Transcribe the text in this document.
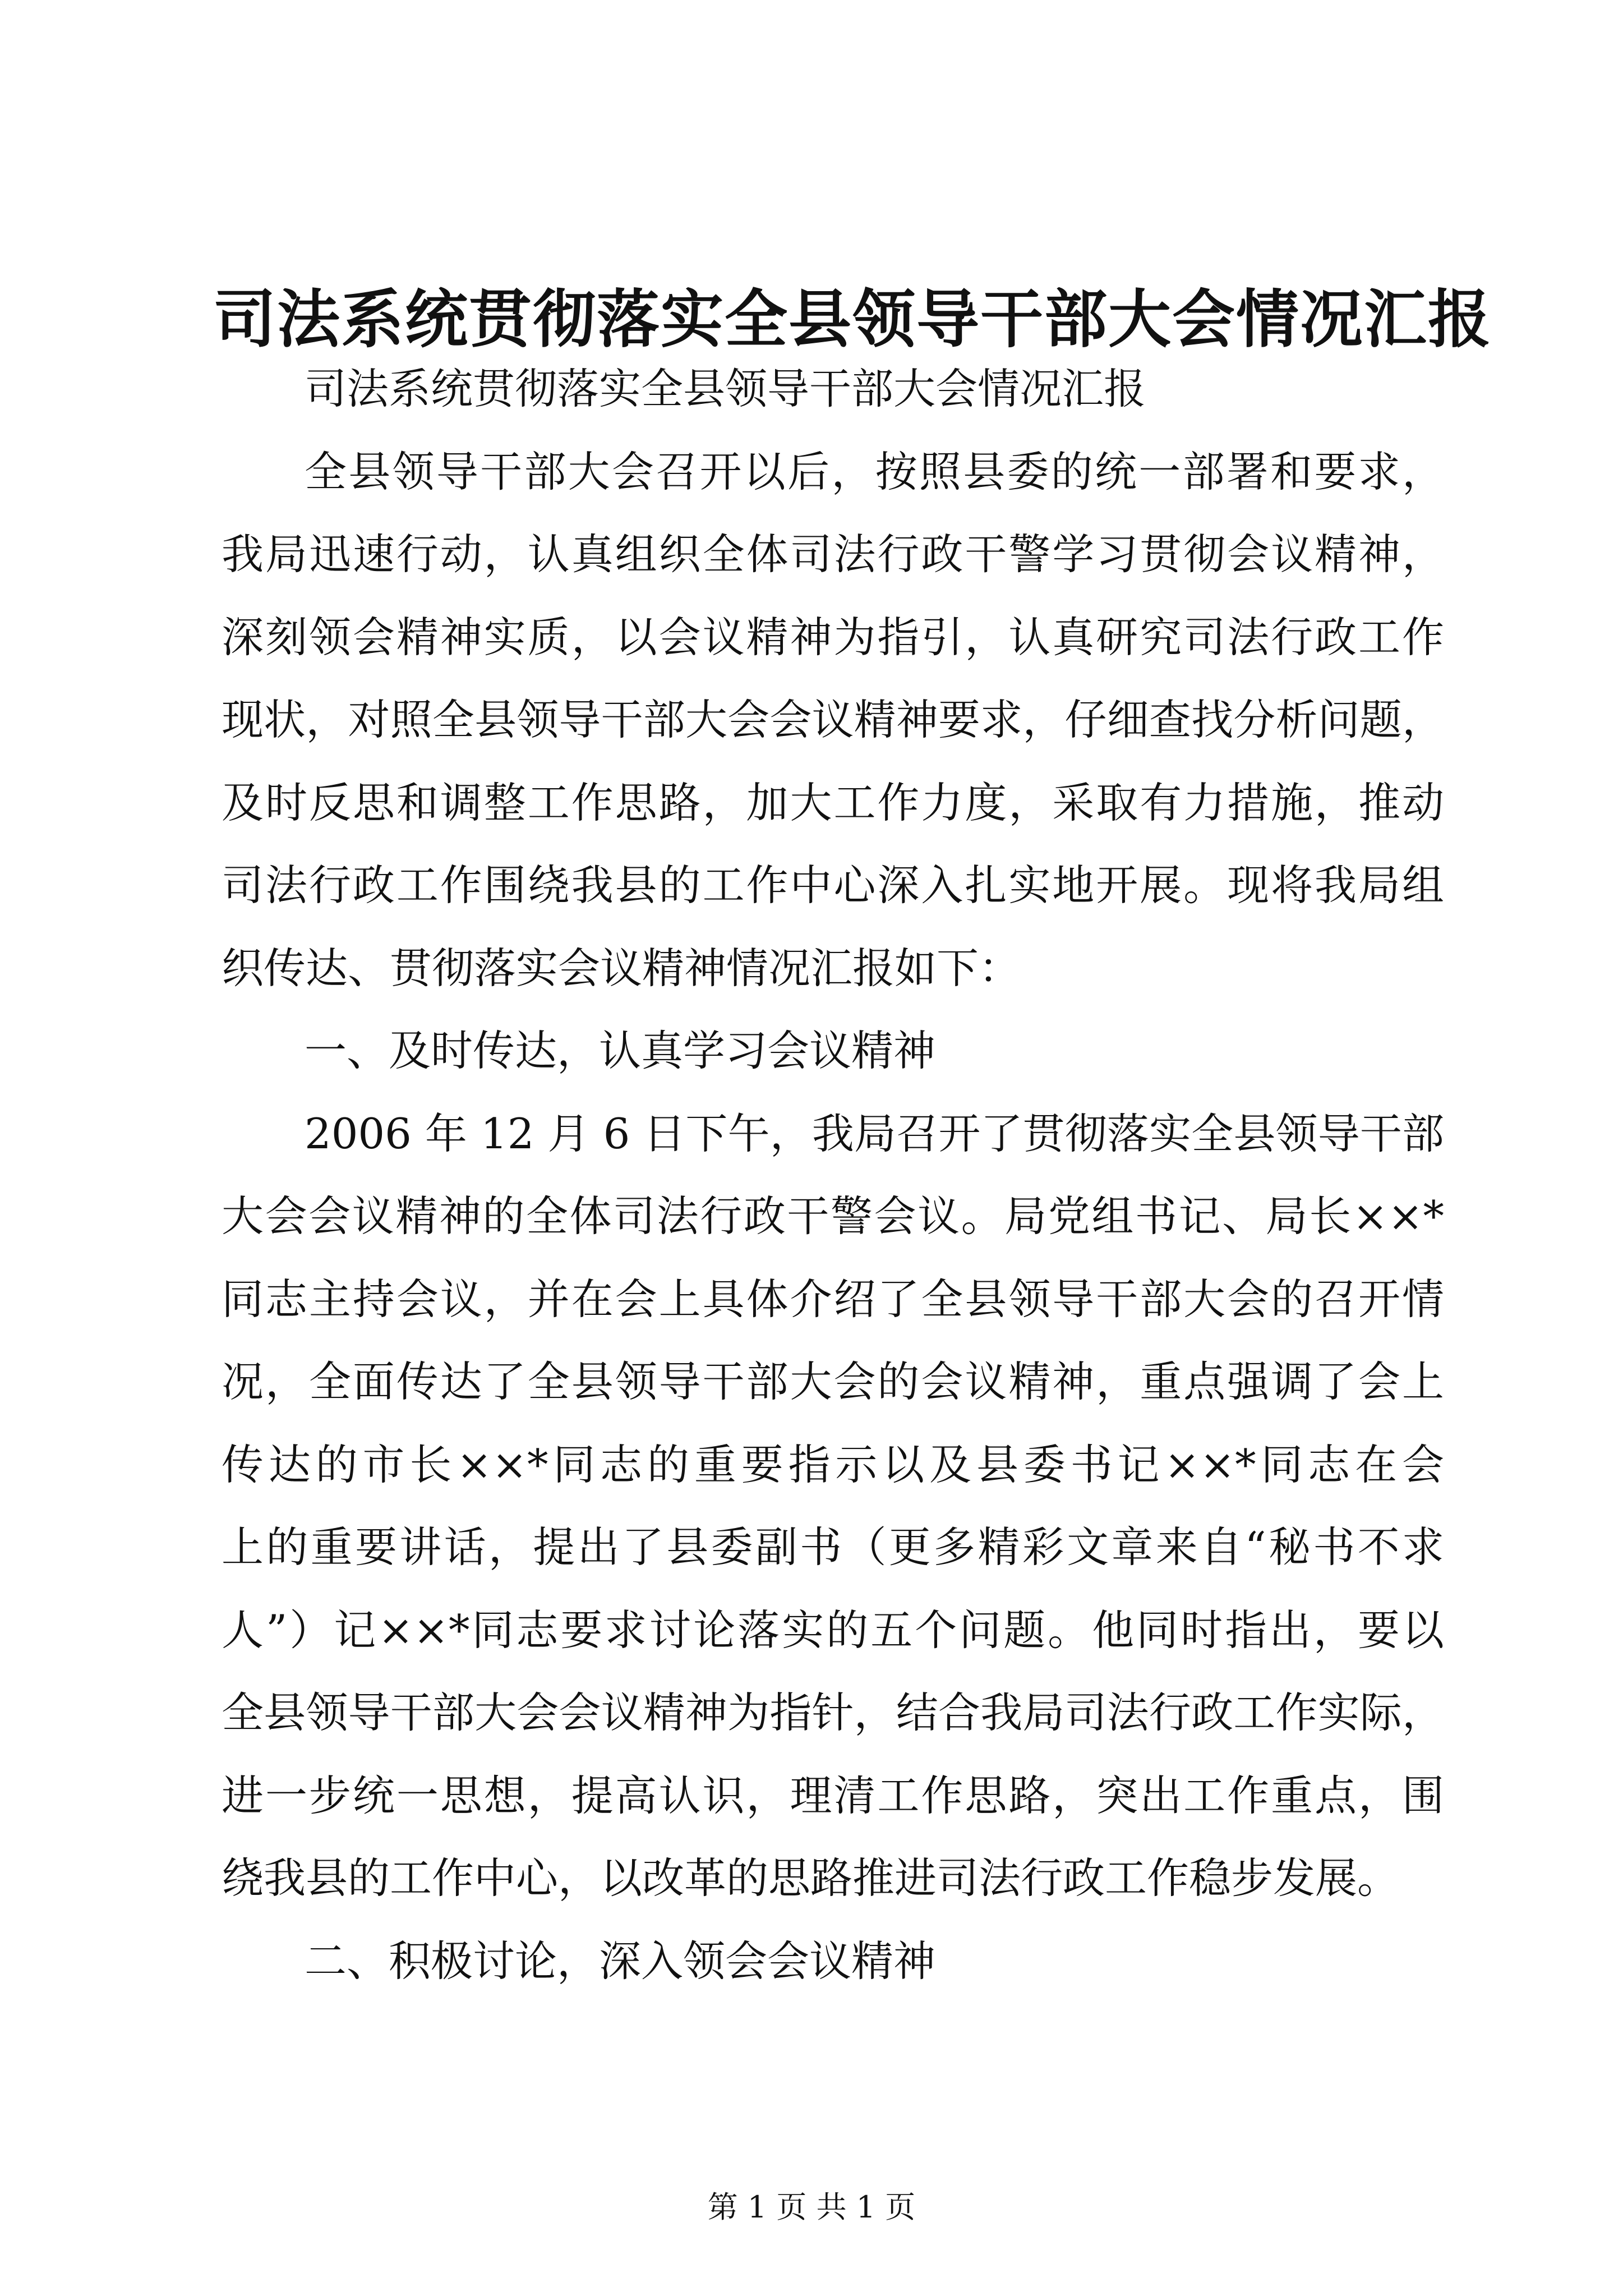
司法系统贯彻落实全县领导干部大会情况汇报
司法系统贯彻落实全县领导干部大会情况汇报
全县领导干部大会召开以后，按照县委的统一部署和要求，
我局迅速行动，认真组织全体司法行政干警学习贯彻会议精神，
深刻领会精神实质，以会议精神为指引，认真研究司法行政工作
现状，对照全县领导干部大会会议精神要求，仔细查找分析问题，
及时反思和调整工作思路，加大工作力度，采取有力措施，推动
司法行政工作围绕我县的工作中心深入扎实地开展。现将我局组
织传达、贯彻落实会议精神情况汇报如下：
一、及时传达，认真学习会议精神
2006 年 12 月 6 日下午，我局召开了贯彻落实全县领导干部
大会会议精神的全体司法行政干警会议。局党组书记、局长××*
同志主持会议，并在会上具体介绍了全县领导干部大会的召开情
况，全面传达了全县领导干部大会的会议精神，重点强调了会上
传达的市长××*同志的重要指示以及县委书记××*同志在会
上的重要讲话，提出了县委副书（更多精彩文章来自“秘书不求
人”）记××*同志要求讨论落实的五个问题。他同时指出，要以
全县领导干部大会会议精神为指针，结合我局司法行政工作实际，
进一步统一思想，提高认识，理清工作思路，突出工作重点，围
绕我县的工作中心，以改革的思路推进司法行政工作稳步发展。
二、积极讨论，深入领会会议精神
第 1 页 共 1 页
